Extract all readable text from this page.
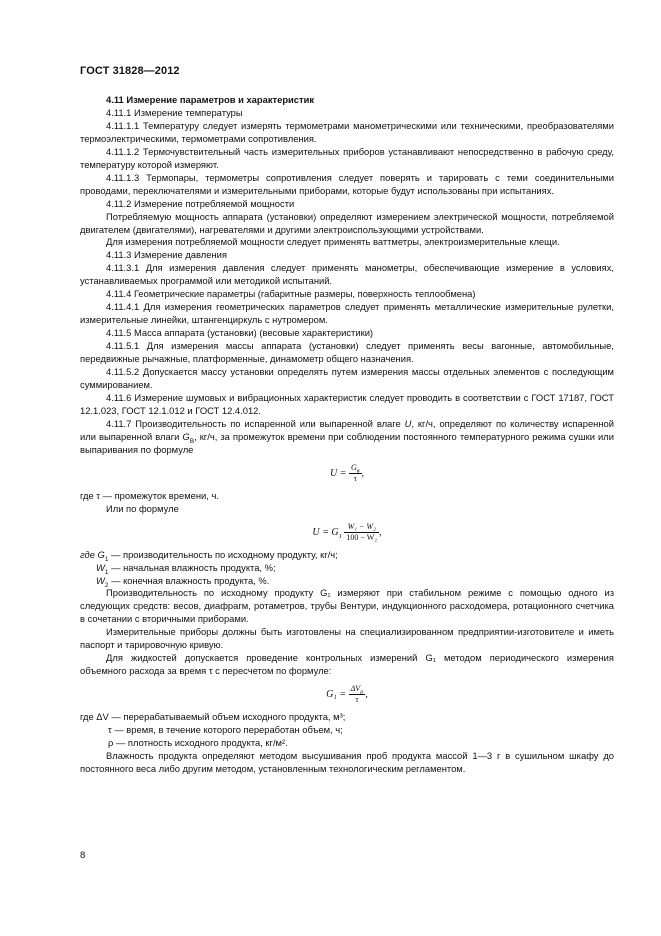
ГОСТ 31828—2012

4.11 Измерение параметров и характеристик

4.11.1 Измерение температуры

4.11.1.1 Температуру следует измерять термометрами манометрическими или техническими, преобразователями термоэлектрическими, термометрами сопротивления.

4.11.1.2 Термочувствительный часть измерительных приборов устанавливают непосредственно в рабочую среду, температуру которой измеряют.

4.11.1.3 Термопары, термометры сопротивления следует поверять и тарировать с теми соединительными проводами, переключателями и измерительными приборами, которые будут использованы при испытаниях.

4.11.2 Измерение потребляемой мощности

Потребляемую мощность аппарата (установки) определяют измерением электрической мощности, потребляемой двигателем (двигателями), нагревателями и другими электроиспользующими устройствами.

Для измерения потребляемой мощности следует применять ваттметры, электроизмерительные клещи.

4.11.3 Измерение давления

4.11.3.1 Для измерения давления следует применять манометры, обеспечивающие измерение в условиях, устанавливаемых программой или методикой испытаний.

4.11.4 Геометрические параметры (габаритные размеры, поверхность теплообмена)

4.11.4.1 Для измерения геометрических параметров следует применять металлические измерительные рулетки, измерительные линейки, штангенциркуль с нутромером.

4.11.5 Масса аппарата (установки) (весовые характеристики)

4.11.5.1 Для измерения массы аппарата (установки) следует применять весы вагонные, автомобильные, передвижные рычажные, платформенные, динамометр общего назначения.

4.11.5.2 Допускается массу установки определять путем измерения массы отдельных элементов с последующим суммированием.

4.11.6 Измерение шумовых и вибрационных характеристик следует проводить в соответствии с ГОСТ 17187, ГОСТ 12.1.023, ГОСТ 12.1.012 и ГОСТ 12.4.012.

4.11.7 Производительность по испаренной или выпаренной влаге U, кг/ч, определяют по количеству испаренной или выпаренной влаги $G_В$, кг/ч, за промежуток времени при соблюдении постоянного температурного режима сушки или выпаривания по формуле

$U = \frac{G_в}{\tau}$ ,

где τ — промежуток времени, ч.

Или по формуле

$U = G_1 \frac{\text{W₁ − W₂}}{\text{100 − W₂}}$ ,

где $G_1$ — производительность по исходному продукту, кг/ч;

$W_1$ — начальная влажность продукта, %;

$W_2$ — конечная влажность продукта, %.

Производительность по исходному продукту G₁ измеряют при стабильном режиме с помощью одного из следующих средств: весов, диафрагм, ротаметров, трубы Вентури, индукционного расходомера, ротационного счетчика в сочетании с вторичными приборами.

Измерительные приборы должны быть изготовлены на специализированном предприятии-изготовителе и иметь паспорт и тарировочную кривую.

Для жидкостей допускается проведение контрольных измерений G₁ методом периодического измерения объемного расхода за время τ с пересчетом по формуле:

$G_1 = \frac{\Delta V_\rho}{\tau}$ ,

где ΔV — перерабатываемый объем исходного продукта, м³;

τ — время, в течение которого переработан объем, ч;

ρ — плотность исходного продукта, кг/м².

Влажность продукта определяют методом высушивания проб продукта массой 1—3 г в сушильном шкафу до постоянного веса либо другим методом, установленным технологическим регламентом.

8
